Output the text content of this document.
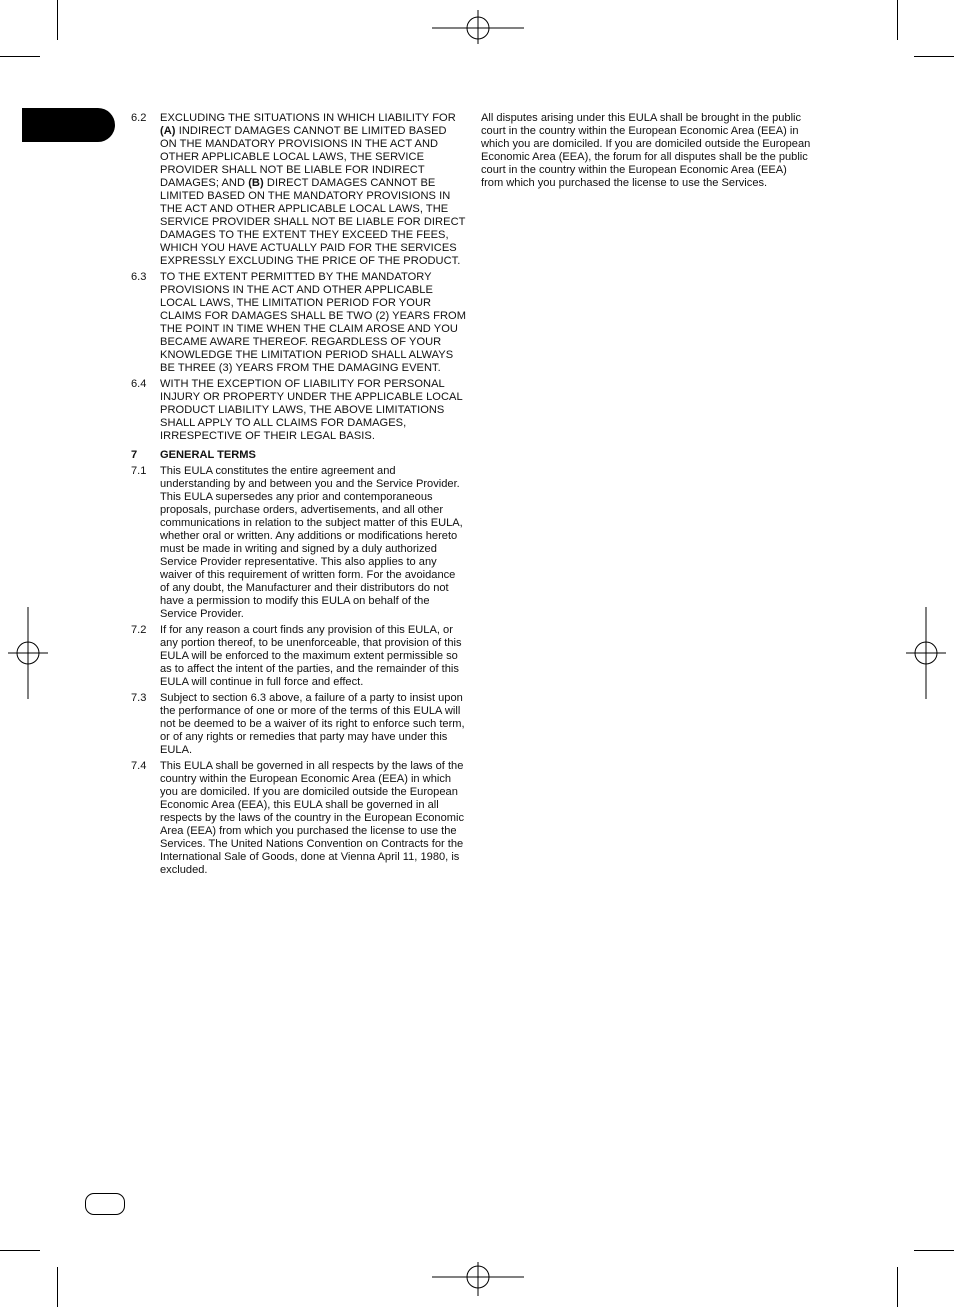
6.2	EXCLUDING THE SITUATIONS IN WHICH LIABILITY FOR (A) INDIRECT DAMAGES CANNOT BE LIMITED BASED ON THE MANDATORY PROVISIONS IN THE ACT AND OTHER APPLICABLE LOCAL LAWS, THE SERVICE PROVIDER SHALL NOT BE LIABLE FOR INDIRECT DAMAGES; AND (B) DIRECT DAMAGES CANNOT BE LIMITED BASED ON THE MANDATORY PROVISIONS IN THE ACT AND OTHER APPLICABLE LOCAL LAWS, THE SERVICE PROVIDER SHALL NOT BE LIABLE FOR DIRECT DAMAGES TO THE EXTENT THEY EXCEED THE FEES, WHICH YOU HAVE ACTUALLY PAID FOR THE SERVICES EXPRESSLY EXCLUDING THE PRICE OF THE PRODUCT.

6.3	TO THE EXTENT PERMITTED BY THE MANDATORY PROVISIONS IN THE ACT AND OTHER APPLICABLE LOCAL LAWS, THE LIMITATION PERIOD FOR YOUR CLAIMS FOR DAMAGES SHALL BE TWO (2) YEARS FROM THE POINT IN TIME WHEN THE CLAIM AROSE AND YOU BECAME AWARE THEREOF. REGARDLESS OF YOUR KNOWLEDGE THE LIMITATION PERIOD SHALL ALWAYS BE THREE (3) YEARS FROM THE DAMAGING EVENT.

6.4	WITH THE EXCEPTION OF LIABILITY FOR PERSONAL INJURY OR PROPERTY UNDER THE APPLICABLE LOCAL PRODUCT LIABILITY LAWS, THE ABOVE LIMITATIONS SHALL APPLY TO ALL CLAIMS FOR DAMAGES, IRRESPECTIVE OF THEIR LEGAL BASIS.

7	GENERAL TERMS
7.1	This EULA constitutes the entire agreement and understanding by and between you and the Service Provider. This EULA supersedes any prior and contemporaneous proposals, purchase orders, advertisements, and all other communications in relation to the subject matter of this EULA, whether oral or written. Any additions or modifications hereto must be made in writing and signed by a duly authorized Service Provider representative. This also applies to any waiver of this requirement of written form. For the avoidance of any doubt, the Manufacturer and their distributors do not have a permission to modify this EULA on behalf of the Service Provider.

7.2	If for any reason a court finds any provision of this EULA, or any portion thereof, to be unenforceable, that provision of this EULA will be enforced to the maximum extent permissible so as to affect the intent of the parties, and the remainder of this EULA will continue in full force and effect.

7.3	Subject to section 6.3 above, a failure of a party to insist upon the performance of one or more of the terms of this EULA will not be deemed to be a waiver of its right to enforce such term, or of any rights or remedies that party may have under this EULA.

7.4	This EULA shall be governed in all respects by the laws of the country within the European Economic Area (EEA) in which you are domiciled. If you are domiciled outside the European Economic Area (EEA), this EULA shall be governed in all respects by the laws of the country in the European Economic Area (EEA) from which you purchased the license to use the Services. The United Nations Convention on Contracts for the International Sale of Goods, done at Vienna April 11, 1980, is excluded.

All disputes arising under this EULA shall be brought in the public court in the country within the European Economic Area (EEA) in which you are domiciled. If you are domiciled outside the European Economic Area (EEA), the forum for all disputes shall be the public court in the country within the European Economic Area (EEA) from which you purchased the license to use the Services.
